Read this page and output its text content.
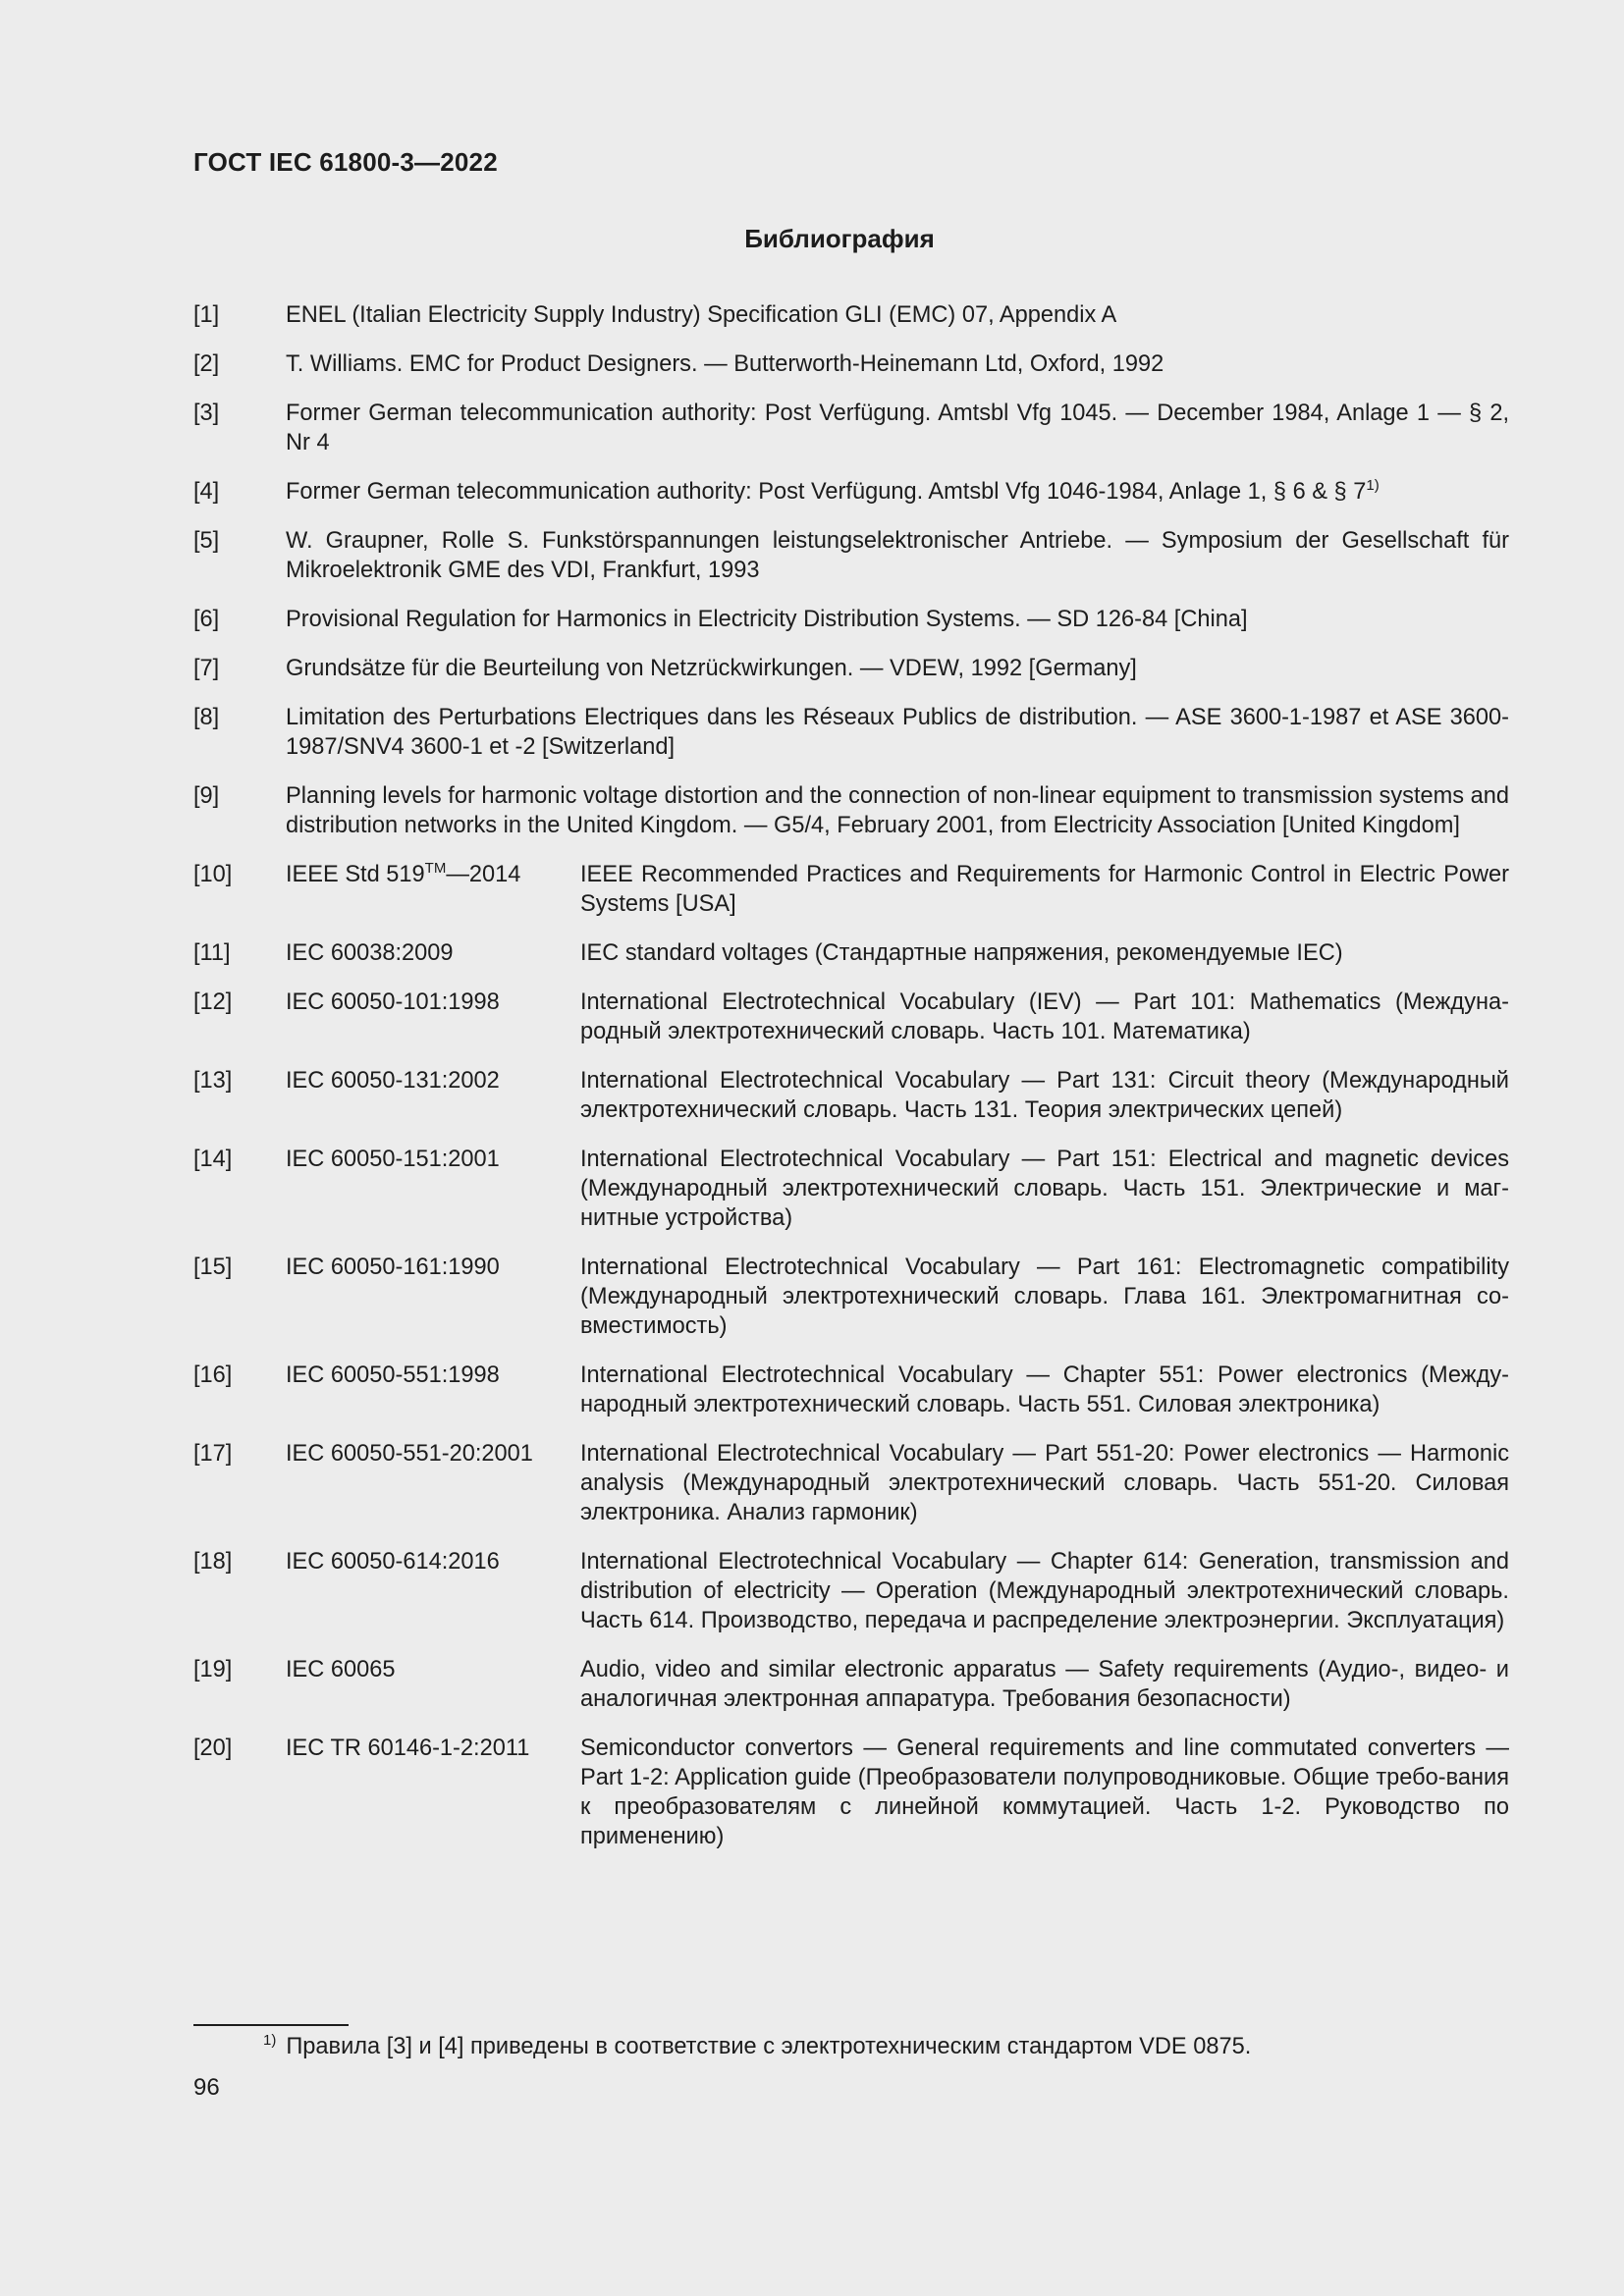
ГОСТ IEC 61800-3—2022
Библиография
[1]	ENEL (Italian Electricity Supply Industry) Specification GLI (EMC) 07, Appendix A
[2]	T. Williams. EMC for Product Designers. — Butterworth-Heinemann Ltd, Oxford, 1992
[3]	Former German telecommunication authority: Post Verfügung. Amtsbl Vfg 1045. — December 1984, Anlage 1 — § 2, Nr 4
[4]	Former German telecommunication authority: Post Verfügung. Amtsbl Vfg 1046-1984, Anlage 1, § 6 & § 7$^{1)}$
[5]	W. Graupner, Rolle S. Funkstörspannungen leistungselektronischer Antriebe. — Symposium der Gesellschaft für Mikroelektronik GME des VDI, Frankfurt, 1993
[6]	Provisional Regulation for Harmonics in Electricity Distribution Systems. — SD 126-84 [China]
[7]	Grundsätze für die Beurteilung von Netzrückwirkungen. — VDEW, 1992 [Germany]
[8]	Limitation des Perturbations Electriques dans les Réseaux Publics de distribution. — ASE 3600-1-1987 et ASE 3600-1987/SNV4 3600-1 et -2 [Switzerland]
[9]	Planning levels for harmonic voltage distortion and the connection of non-linear equipment to transmission systems and distribution networks in the United Kingdom. — G5/4, February 2001, from Electricity Association [United Kingdom]
[10]	IEEE Std 519™—2014	IEEE Recommended Practices and Requirements for Harmonic Control in Electric Power Systems [USA]
[11]	IEC 60038:2009	IEC standard voltages (Стандартные напряжения, рекомендуемые IEC)
[12]	IEC 60050-101:1998	International Electrotechnical Vocabulary (IEV) — Part 101: Mathematics (Междуна-родный электротехнический словарь. Часть 101. Математика)
[13]	IEC 60050-131:2002	International Electrotechnical Vocabulary — Part 131: Circuit theory (Международный электротехнический словарь. Часть 131. Теория электрических цепей)
[14]	IEC 60050-151:2001	International Electrotechnical Vocabulary — Part 151: Electrical and magnetic devices (Международный электротехнический словарь. Часть 151. Электрические и маг-нитные устройства)
[15]	IEC 60050-161:1990	International Electrotechnical Vocabulary — Part 161: Electromagnetic compatibility (Международный электротехнический словарь. Глава 161. Электромагнитная со-вместимость)
[16]	IEC 60050-551:1998	International Electrotechnical Vocabulary — Chapter 551: Power electronics (Между-народный электротехнический словарь. Часть 551. Силовая электроника)
[17]	IEC 60050-551-20:2001	International Electrotechnical Vocabulary — Part 551-20: Power electronics — Harmonic analysis (Международный электротехнический словарь. Часть 551-20. Силовая электроника. Анализ гармоник)
[18]	IEC 60050-614:2016	International Electrotechnical Vocabulary — Chapter 614: Generation, transmission and distribution of electricity — Operation (Международный электротехнический словарь. Часть 614. Производство, передача и распределение электроэнергии. Эксплуатация)
[19]	IEC 60065	Audio, video and similar electronic apparatus — Safety requirements (Аудио-, видео- и аналогичная электронная аппаратура. Требования безопасности)
[20]	IEC TR 60146-1-2:2011	Semiconductor convertors — General requirements and line commutated converters — Part 1-2: Application guide (Преобразователи полупроводниковые. Общие требо-вания к преобразователям с линейной коммутацией. Часть 1-2. Руководство по применению)
$^{1)}$ Правила [3] и [4] приведены в соответствие с электротехническим стандартом VDE 0875.
96
